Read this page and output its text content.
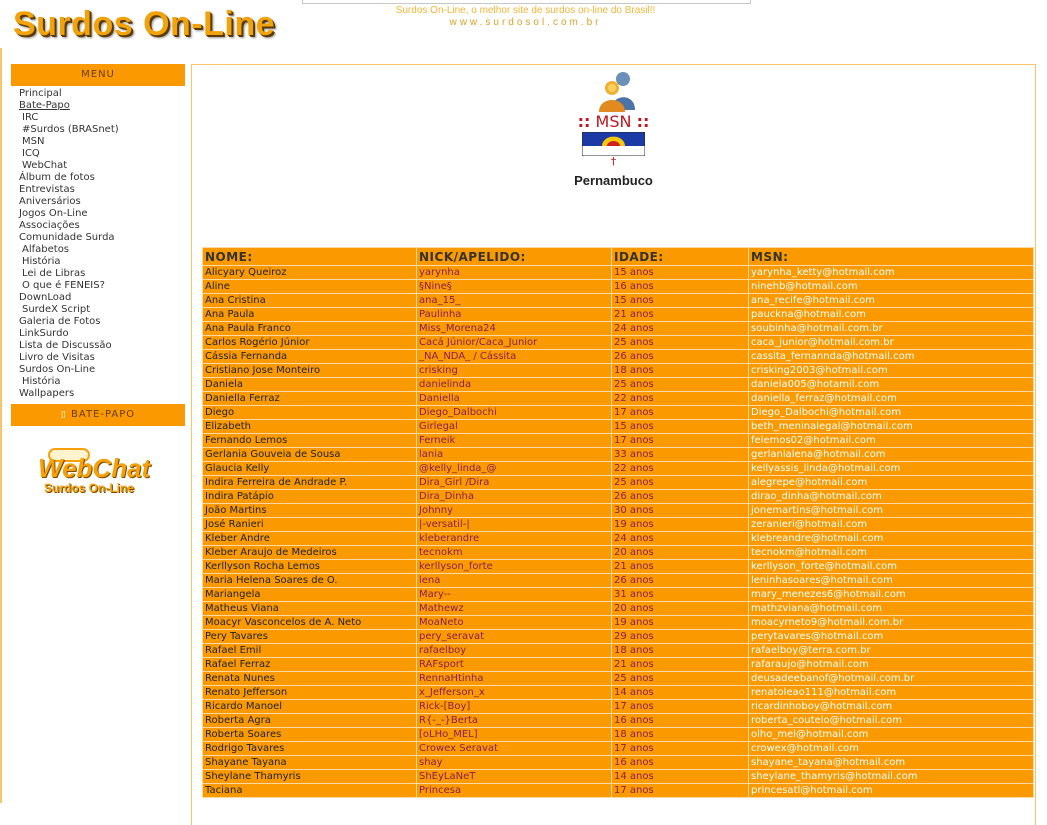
Surdos On-Line	Surdos On-Line, o melhor site de surdos on-line do Brasil!!
www.surdosol.com.br
MENU
Principal
Bate-Papo
IRC
#Surdos (BRASnet)
MSN
ICQ
WebChat
Álbum de fotos
Entrevistas
Aniversários
Jogos On-Line
Associações
Comunidade Surda
Alfabetos
História
Lei de Libras
O que é FENEIS?
DownLoad
SurdeX Script
Galeria de Fotos
LinkSurdo
Lista de Discussão
Livro de Visitas
Surdos On-Line
História
Wallpapers
▯ BATE-PAPO
WebChat
Surdos On-Line
:: MSN ::
†
Pernambuco
NOME:	NICK/APELIDO:	IDADE:	MSN:
Alicyary Queiroz	yarynha	15 anos	yarynha_ketty@hotmail.com
Aline	§Nine§	16 anos	ninehb@hotmail.com
Ana Cristina	ana_15_	15 anos	ana_recife@hotmail.com
Ana Paula	Paulinha	21 anos	pauckna@hotmail.com
Ana Paula Franco	Miss_Morena24	24 anos	soubinha@hotmail.com.br
Carlos Rogério Júnior	Cacá Júnior/Caca_Junior	25 anos	caca_junior@hotmail.com.br
Cássia Fernanda	_NA_NDA_ / Cássita	26 anos	cassita_fernannda@hotmail.com
Cristiano Jose Monteiro	crisking	18 anos	crisking2003@hotmail.com
Daniela	danielinda	25 anos	daniela005@hotamil.com
Daniella Ferraz	Daniella	22 anos	daniella_ferraz@hotmail.com
Diego	Diego_Dalbochi	17 anos	Diego_Dalbochi@hotmail.com
Elizabeth	Girlegal	15 anos	beth_meninalegal@hotmail.com
Fernando Lemos	Ferneik	17 anos	felemos02@hotmail.com
Gerlania Gouveia de Sousa	lania	33 anos	gerlanialena@hotmail.com
Glaucia Kelly	@kelly_linda_@	22 anos	kellyassis_linda@hotmail.com
Indira Ferreira de Andrade P.	Dira_Girl /Dira	25 anos	alegrepe@hotmail.com
Indira Patápio	Dira_Dinha	26 anos	dirao_dinha@hotmail.com
João Martins	Johnny	30 anos	jonemartins@hotmail.com
José Ranieri	|-versatil-|	19 anos	zeranieri@hotmail.com
Kleber Andre	kleberandre	24 anos	klebreandre@hotmail.com
Kleber Araujo de Medeiros	tecnokm	20 anos	tecnokm@hotmail.com
Kerllyson Rocha Lemos	kerllyson_forte	21 anos	kerllyson_forte@hotmail.com
Maria Helena Soares de O.	lena	26 anos	leninhasoares@hotmail.com
Mariangela	Mary--	31 anos	mary_menezes6@hotmail.com
Matheus Viana	Mathewz	20 anos	mathzviana@hotmail.com
Moacyr Vasconcelos de A. Neto	MoaNeto	19 anos	moacyrneto9@hotmail.com.br
Pery Tavares	pery_seravat	29 anos	perytavares@hotmail.com
Rafael Emil	rafaelboy	18 anos	rafaelboy@terra.com.br
Rafael Ferraz	RAFsport	21 anos	rafaraujo@hotmail.com
Renata Nunes	RennaHtinha	25 anos	deusadeebanof@hotmail.com.br
Renato Jefferson	x_Jefferson_x	14 anos	renatoleao111@hotmail.com
Ricardo Manoel	Rick-[Boy]	17 anos	ricardinhoboy@hotmail.com
Roberta Agra	R{-_-}Berta	16 anos	roberta_coutelo@hotmail.com
Roberta Soares	[oLHo_MEL]	18 anos	olho_mel@hotmail.com
Rodrigo Tavares	Crowex Seravat	17 anos	crowex@hotmail.com
Shayane Tayana	shay	16 anos	shayane_tayana@hotmail.com
Sheylane Thamyris	ShEyLaNeT	14 anos	sheylane_thamyris@hotmail.com
Taciana	Princesa	17 anos	princesatl@hotmail.com
